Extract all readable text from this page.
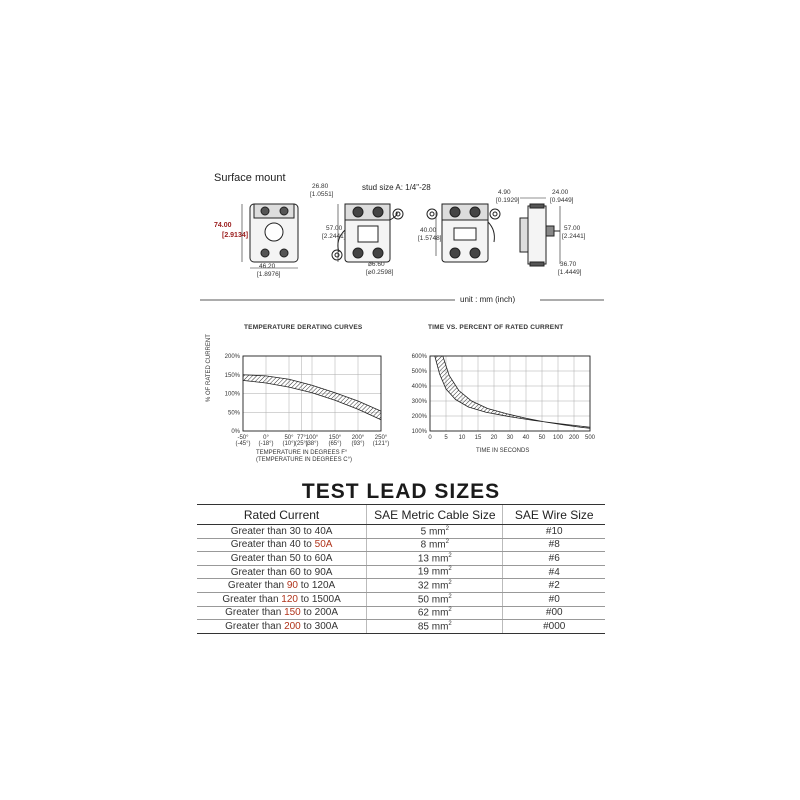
Surface mount
stud size A: 1/4"-28
74.00
[2.9134]
46.20
[1.8976]
26.80
[1.0551]
57.00
[2.2441]
⌀6.60
[⌀0.2598]
40.00
[1.5748]
4.90
[0.1929]
24.00
[0.9449]
57.00
[2.2441]
36.70
[1.4449]
unit : mm (inch)
TEMPERATURE DERATING CURVES	TIME VS. PERCENT OF RATED CURRENT
200%
150%
100%
50%
0%
-50°
(-45°)
0°
(-18°)
50°
(10°)
77°
(25°)
100°
(38°)
150°
(65°)
200°
(93°)
250°
(121°)
0 5 10 15 20 30 40 50 100 200 500
600%
500%
400%
300%
200%
100%
% OF RATED CURRENT
TEMPERATURE IN DEGREES F°
(TEMPERATURE IN DEGREES C°)
TIME IN SECONDS
TEST LEAD SIZES
Rated Current	SAE Metric Cable Size	SAE Wire Size
Greater than 30 to 40A	5 $mm^2$	#10
Greater than 40 to 50A	8 $mm^2$	#8
Greater than 50 to 60A	13 $mm^2$	#6
Greater than 60 to 90A	19 $mm^2$	#4
Greater than 90 to 120A	32 $mm^2$	#2
Greater than 120 to 1500A	50 $mm^2$	#0
Greater than 150 to 200A	62 $mm^2$	#00
Greater than 200 to 300A	85 $mm^2$	#000
